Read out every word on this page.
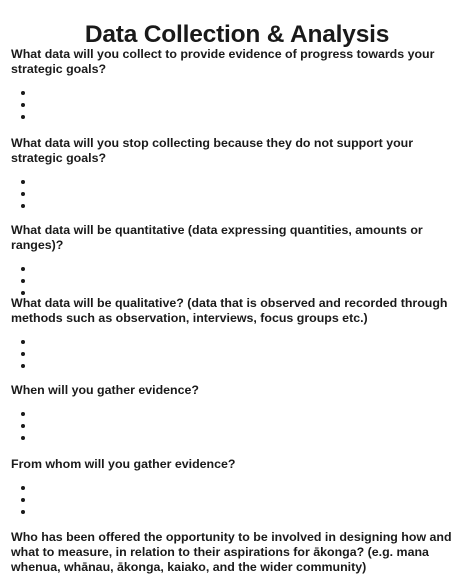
Data Collection & Analysis

What data will you collect to provide evidence of progress towards your strategic goals?

What data will you stop collecting because they do not support your strategic goals?

What data will be quantitative (data expressing quantities, amounts or ranges)?

What data will be qualitative? (data that is observed and recorded through methods such as observation, interviews, focus groups etc.)

When will you gather evidence?

From whom will you gather evidence?

Who has been offered the opportunity to be involved in designing how and what to measure, in relation to their aspirations for ākonga? (e.g. mana whenua, whānau, ākonga, kaiako, and the wider community)
